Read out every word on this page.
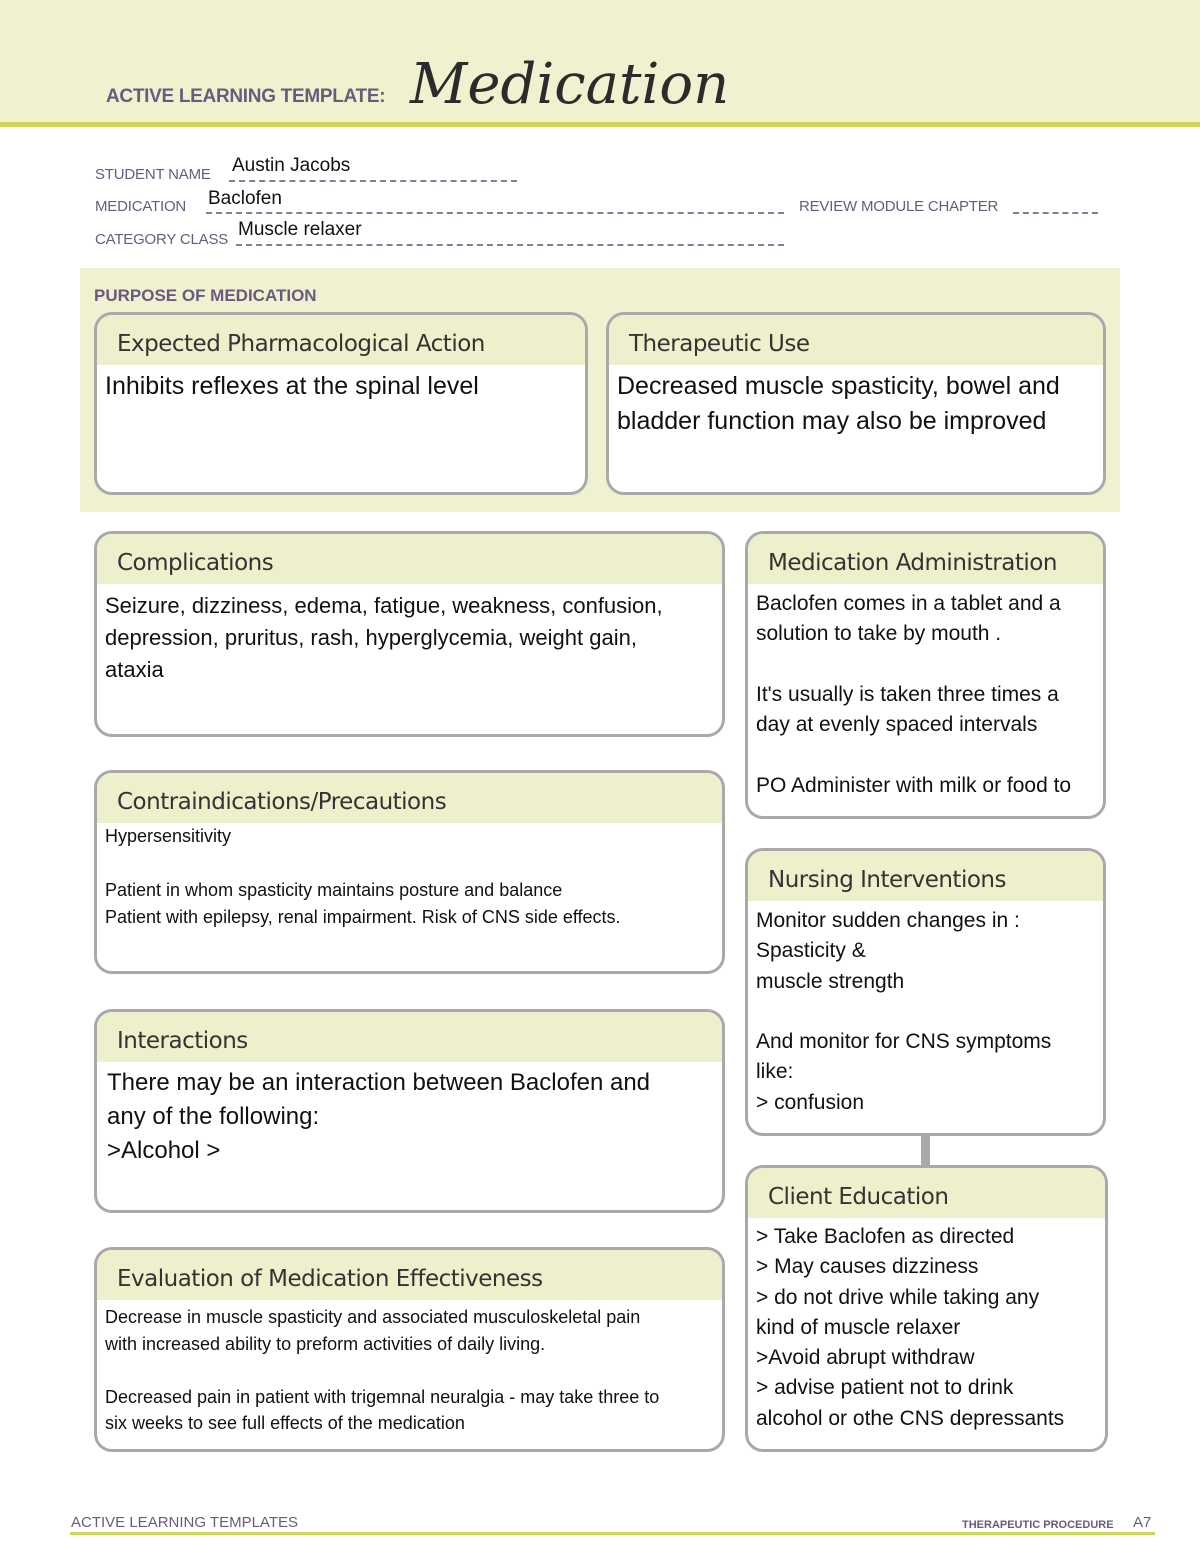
ACTIVE LEARNING TEMPLATE: Medication
STUDENT NAME Austin Jacobs
MEDICATION Baclofen	REVIEW MODULE CHAPTER
CATEGORY CLASS Muscle relaxer
PURPOSE OF MEDICATION
Expected Pharmacological Action
Inhibits reflexes at the spinal level
Therapeutic Use
Decreased muscle spasticity, bowel and
bladder function may also be improved
Complications
Seizure, dizziness, edema, fatigue, weakness, confusion,
depression, pruritus, rash, hyperglycemia, weight gain,
ataxia
Medication Administration
Baclofen comes in a tablet and a
solution to take by mouth .

It's usually is taken three times a
day at evenly spaced intervals

PO Administer with milk or food to
Contraindications/Precautions
Hypersensitivity

Patient in whom spasticity maintains posture and balance
Patient with epilepsy, renal impairment. Risk of CNS side effects.
Nursing Interventions
Monitor sudden changes in :
Spasticity &
muscle strength

And monitor for CNS symptoms
like:
> confusion
Interactions
There may be an interaction between Baclofen and
any of the following:
>Alcohol >
Client Education
> Take Baclofen as directed
> May causes dizziness
> do not drive while taking any
kind of muscle relaxer
>Avoid abrupt withdraw
> advise patient not to drink
alcohol or othe CNS depressants
Evaluation of Medication Effectiveness
Decrease in muscle spasticity and associated musculoskeletal pain
with increased ability to preform activities of daily living.

Decreased pain in patient with trigemnal neuralgia - may take three to
six weeks to see full effects of the medication
ACTIVE LEARNING TEMPLATES	THERAPEUTIC PROCEDURE A7
